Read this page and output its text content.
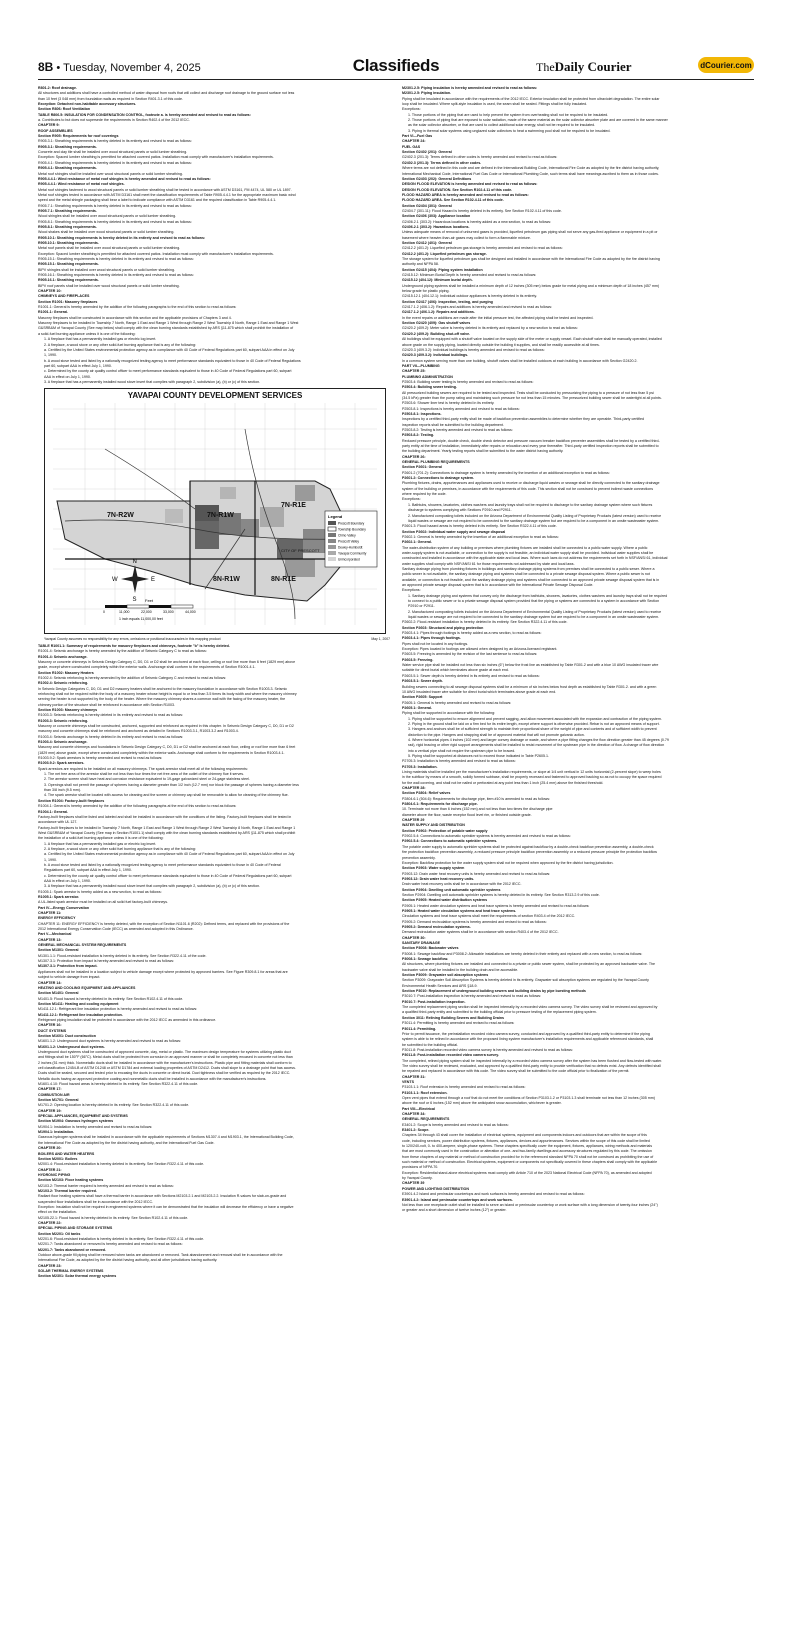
8B • Tuesday, November 4, 2025	Classifieds	TheDaily Courier	dCourier.com

R801.2: Roof drainage.

All structures and additions shall have a controlled method of water disposal from roofs that will collect and discharge roof drainage to the ground surface not less

than 10 feet (3 048 mm) from foundation walls as required in Section R401.3.1 of this code.

Exception: Detached non-habitable accessory structures.

Section R806: Roof Ventilation

TABLE R806.5: INSULATION FOR CONDENSATION CONTROL, footnote a. is hereby amended and revised to read as follows:

a. Contributes to but does not supersede the requirements in Section R402.4 of the 2012 IECC.

CHAPTER 9:

ROOF ASSEMBLIES

Section R905: Requirements for roof coverings

R905.3.1: Sheathing requirements is hereby deleted in its entirety and revised to read as follows:

R905.3.1: Sheathing requirements.

Concrete and clay tile shall be installed over wood structural panels or solid lumber sheathing.

Exception: Spaced lumber sheathing is permitted for attached covered patios. Installation must comply with manufacturer's installation requirements.

R905.4.1: Sheathing requirements is hereby deleted in its entirety and revised to read as follows:

R905.4.1: Sheathing requirements.

Metal roof shingles shall be installed over wood structural panels or solid lumber sheathing.

R905.4.4.1: Wind resistance of metal roof shingles is hereby amended and revised to read as follows:

R905.4.4.1: Wind resistance of metal roof shingles.

Metal roof shingles fastened to wood structural panels or solid lumber sheathing shall be tested in accordance with ASTM D3161, FM 4474, UL 580 or UL 1897.

Metal roof shingles tested in accordance with ASTM D3161 shall meet the classification requirements of Table R905.4.4.1 for the appropriate maximum basic wind

speed and the metal shingle packaging shall bear a label to indicate compliance with ASTM D3161 and the required classification in Table R905.4.4.1.

R905.7.1: Sheathing requirements is hereby deleted in its entirety and revised to read as follows:

R905.7.1: Sheathing requirements.

Wood shingles shall be installed over wood structural panels or solid lumber sheathing.

R905.8.1: Sheathing requirements is hereby deleted in its entirety and revised to read as follows:

R905.8.1: Sheathing requirements.

Wood shakes shall be installed over wood structural panels or solid lumber sheathing.

R905.10.1: Sheathing requirements is hereby deleted in its entirety and revised to read as follows:

R905.10.1: Sheathing requirements.

Metal roof panels shall be installed over wood structural panels or solid lumber sheathing.

Exception: Spaced lumber sheathing is permitted for attached covered patios. Installation must comply with manufacturer's installation requirements.

R905.15.1: Sheathing requirements is hereby deleted in its entirety and revised to read as follows:

R905.15.1: Sheathing requirements.

BIPV shingles shall be installed over wood structural panels or solid lumber sheathing.

R905.16.1: Sheathing requirements is hereby deleted in its entirety and revised to read as follows:

R905.16.1: Sheathing requirements.

BIPV roof panels shall be installed over wood structural panels or solid lumber sheathing.

CHAPTER 10:

CHIMNEYS AND FIREPLACES

Section R1001: Masonry fireplaces

R1001.1: General is hereby amended by the addition of the following paragraphs to the end of this section to read as follows:

R1001.1: General.

Masonry fireplaces shall be constructed in accordance with this section and the applicable provisions of Chapters 3 and 4.

Masonry fireplaces to be installed in Township 7 North, Range 1 East and Range 1 West through Range 2 West Township 8 North, Range 1 East and Range 1 West

G&SRB&M of Yavapai County (See map below) shall comply with the clean burning standards established by ARS §11-875 which shall prohibit the installation of

a solid-fuel burning appliance unless it is one of the following:

1. A fireplace that has a permanently installed gas or electric log insert.

2. A fireplace, a wood stove or any other solid-fuel burning appliance that is any of the following:

a. Certified by the United States environmental protection agency as in compliance with 40 Code of Federal Regulations part 60, subpart AAA in effect on July

1, 1990.

b. A wood stove tested and listed by a nationally recognized testing agency to meet performance standards equivalent to those in 40 Code of Federal Regulations

part 60, subpart AAA in effect July 1, 1990.

c. Determined by the county air quality control officer to meet performance standards equivalent to those in 40 Code of Federal Regulations part 60, subpart

AAA in effect on July 1, 1990.

3. A fireplace that has a permanently installed wood stove insert that complies with paragraph 2, subdivision (a), (b) or (c) of this section.

YAVAPAI COUNTY DEVELOPMENT SERVICES
7N-R2W	7N-R1W
7N-R1E
8N-R1W	8N-R1E
CITY OF PRESCOTT
N
S
E
W
Feet
0	11,000	22,000	33,000	44,000
1 inch equals 11,000,00 feet
Legend
Prescott Boundary
Township Boundary
Chino Valley
Prescott Valley
Dewey-Humboldt
Yavapai Community
Unincorporated
Yavapai County assumes no responsibility for any errors, omissions or positional inaccuracies in this mapping product	May 1, 2007

TABLE R1001.1: Summary of requirements for masonry fireplaces and chimneys, footnote "b" is hereby deleted.

R1001.4: Seismic anchorage is hereby amended by the addition of Seismic Category C to read as follows:

R1001.4: Seismic anchorage.

Masonry or concrete chimneys in Seismic Design Category C, D0, D1 or D2 shall be anchored at each floor, ceiling or roof line more than 6 feet (1829 mm) above

grade, except where constructed completely within the exterior walls. Anchorage shall conform to the requirements of Section R1001.4.1.

Section R1002: Masonry Heaters

R1002.4: Seismic reinforcing is hereby amended by the addition of Seismic Category C and revised to read as follows:

R1002.4: Seismic reinforcing.

In Seismic Design Categories C, D0, D1 and D2 masonry heaters shall be anchored to the masonry foundation in accordance with Section R1003.3. Seismic

reinforcing shall not be required within the body of a masonry heater whose height is equal to or less than 3.5 times its body width and where the masonry chimney

serving the heater is not supported by the body of the heater. Where the masonry chimney shares a common wall with the facing of the masonry heater, the

chimney portion of the structure shall be reinforced in accordance with Section R1003.

Section R1003: Masonry chimneys

R1003.3: Seismic reinforcing is hereby deleted in its entirety and revised to read as follows:

R1003.3: Seismic reinforcing.

Masonry or concrete chimneys shall be constructed, anchored, supported and reinforced as required in this chapter. In Seismic Design Category C, D0, D1 or D2

masonry and concrete chimneys shall be reinforced and anchored as detailed in Sections R1003.3.1, R1003.3.2 and R1003.4.

R1003.4: Seismic anchorage is hereby deleted in its entirety and revised to read as follows:

R1003.4: Seismic anchorage.

Masonry and concrete chimneys and foundations in Seismic Design Category C, D0, D1 or D2 shall be anchored at each floor, ceiling or roof line more than 6 feet

(1829 mm) above grade, except where constructed completely within the exterior walls. Anchorage shall conform to the requirements in Section R1003.4.1.

R1003.9.2: Spark arrestors is hereby amended and revised to read as follows:

R1003.9.2: Spark arrestors.

Spark arrestors are required to be installed on all masonry chimneys. The spark arrestor shall meet all of the following requirements:

1. The net free area of the arrestor shall be not less than four times the net free area of the outlet of the chimney flue it serves.

2. The arrestor screen shall have heat and corrosion resistance equivalent to 19-gage galvanized steel or 24-gage stainless steel.

3. Openings shall not permit the passage of spheres having a diameter greater than 1/2 inch (12.7 mm) nor block the passage of spheres having a diameter less

than 3/8 inch (9.5 mm).

4. The spark arrestor shall be located with access for cleaning and the screen or chimney cap shall be removable to allow for cleaning of the chimney flue.

Section R1004: Factory-built fireplaces

R1004.1: General is hereby amended by the addition of the following paragraphs at the end of this section to read as follows:

R1004.1: General.

Factory-built fireplaces shall be listed and labeled and shall be installed in accordance with the conditions of the listing. Factory-built fireplaces shall be tested in

accordance with UL 127.

Factory-built fireplaces to be installed in Township 7 North, Range 1 East and Range 1 West through Range 2 West Township 8 North, Range 1 East and Range 1

West G&SRB&M of Yavapai County (See map in Section R1001.1) shall comply with the clean burning standards established by ARS §11-875 which shall prohibit

the installation of a solid-fuel burning appliance unless it is one of the following:

1. A fireplace that has a permanently installed gas or electric log insert.

2. A fireplace, a wood stove or any other solid fuel burning appliance that is any of the following:

a. Certified by the United States environmental protection agency as in compliance with 40 Code of Federal Regulations part 60, subpart AAA in effect on July

1, 1990.

b. A wood stove tested and listed by a nationally recognized testing agency to meet performance standards equivalent to those in 40 Code of Federal

Regulations part 60, subpart AAA in effect July 1, 1990.

c. Determined by the county air quality control officer to meet performance standards equivalent to those in 40 Code of Federal Regulations part 60, subpart

AAA in effect on July 1, 1990.

3. A fireplace that has a permanently installed wood stove insert that complies with paragraph 2, subdivision (a), (b) or (c) of this section.

R1005.1: Spark arrestor is hereby added as a new section, to read as follows:

R1005.1: Spark arrestor.

A UL-listed spark arrestor must be installed on all solid fuel factory-built chimneys.

Part IV—Energy Conservation

CHAPTER 11:

ENERGY EFFICIENCY

CHAPTER 11: ENERGY EFFICIENCY is hereby deleted, with the exception of Section N1101.6 (R202): Defined terms, and replaced with the provisions of the

2012 International Energy Conservation Code (IECC) as amended and adopted in this Ordinance.

Part V—Mechanical

CHAPTER 13:

GENERAL MECHANICAL SYSTEM REQUIREMENTS

Section M1301: General

M1301.1.1: Flood-resistant installation is hereby deleted in its entirety. See Section R322.4.11 of the code.

M1307.3.1: Protection from impact is hereby amended and revised to read as follows:

M1307.3.1: Protection from impact.

Appliances shall not be installed in a location subject to vehicle damage except where protected by approved barriers. See Figure R309.8.1 for areas that are

subject to vehicle damage from impact.

CHAPTER 14:

HEATING AND COOLING EQUIPMENT AND APPLIANCES

Section M1401: General

M1401.5: Flood hazard is hereby deleted in its entirety. See Section R102.4.11 of this code.

Section M1411: Heating and cooling equipment

M1411.12.1: Refrigerant line insulation protection is hereby amended and revised to read as follows:

M1411.12.1: Refrigerant line insulation protection.

Refrigerant piping insulation shall be protected in accordance with the 2012 IECC as amended in this ordinance.

CHAPTER 16:

DUCT SYSTEMS

Section M1601: Duct construction

M1601.1.2: Underground duct systems is hereby amended and revised to read as follows:

M1601.1.2: Underground duct systems.

Underground duct systems shall be constructed of approved concrete, clay, metal or plastic. The maximum design temperature for systems utilizing plastic duct

and fittings shall be 150°F (66°C). Metal ducts shall be protected from corrosion in an approved manner or shall be completely encased in concrete not less than

2 inches (51 mm) thick. Nonmetallic ducts shall be installed in accordance with the manufacturer's instructions. Plastic pipe and fitting materials shall conform to

cell classification 12454-B of ASTM D1248 or ASTM D1784 and external loading properties of ASTM D2412. Ducts shall slope to a drainage point that has access.

Ducts shall be sealed, secured and tested prior to encasing the ducts in concrete or direct burial. Duct tightness shall be verified as required by the 2012 IECC.

Metallic ducts having an approved protective coating and nonmetallic ducts shall be installed in accordance with the manufacturer's instructions.

M1601.4.10: Flood hazard areas is hereby deleted in its entirety. See Section R322.4.11 of this code.

CHAPTER 17:

COMBUSTION AIR

Section M1701: General

M1701.2: Opening location is hereby deleted in its entirety. See Section R322.4.11 of this code.

CHAPTER 19:

SPECIAL APPLIANCES, EQUIPMENT AND SYSTEMS

Section M1904: Gaseous hydrogen systems

M1904.1: Installation is hereby amended and revised to read as follows:

M1904.1: Installation.

Gaseous hydrogen systems shall be installed in accordance with the applicable requirements of Sections M1307.4 and M1903.1, the International Building Code,

the International Fire Code as adopted by the fire district having authority, and the International Fuel Gas Code.

CHAPTER 20:

BOILERS AND WATER HEATERS

Section M2001: Boilers

M2001.4: Flood-resistant installation is hereby deleted in its entirety. See Section R322.4.11 of this code.

CHAPTER 21:

HYDRONIC PIPING

Section M2103: Floor heating systems

M2103.2: Thermal barrier required is hereby amended and revised to read as follows:

M2103.2: Thermal barrier required.

Radiant floor heating systems shall have a thermal barrier in accordance with Sections M2103.2.1 and M2103.2.2. Insulation R-values for slab-on-grade and

suspended floor installations shall be in accordance with the 2012 IECC.

Exception: Insulation shall not be required in engineered systems where it can be demonstrated that the insulation will decrease the efficiency or have a negative

effect on the installation.

M2105.22.1: Flood hazard is hereby deleted in its entirety. See Section R102.4.11 of this code.

CHAPTER 22:

SPECIAL PIPING AND STORAGE SYSTEMS

Section M2201: Oil tanks

M2201.6: Flood-resistant installation is hereby deleted in its entirety. See Section R322.4.11 of this code.

M2201.7: Tanks abandoned or removed is hereby amended and revised to read as follows:

M2201.7: Tanks abandoned or removed.

Outdoor above-grade fill piping shall be removed when tanks are abandoned or removed. Tank abandonment and removal shall be in accordance with the

International Fire Code, as adopted by the fire district having authority, and all other jurisdictions having authority.

CHAPTER 23:

SOLAR THERMAL ENERGY SYSTEMS

Section M2301: Solar thermal energy systems

M2301.2.5: Piping insulation is hereby amended and revised to read as follows:

M2301.2.5: Piping insulation.

Piping shall be insulated in accordance with the requirements of the 2012 IECC. Exterior insulation shall be protected from ultraviolet degradation. The entire solar

loop shall be insulated. Where split-style insulation is used, the seam shall be sealed. Fittings shall be fully insulated.

Exceptions:

1. Those portions of the piping that are used to help prevent the system from overheating shall not be required to be insulated.

2. Those portions of piping that are exposed to solar radiation, made of the same material as the solar collector absorber plate and are covered in the same manner

as the solar collector absorber, or that are used to collect additional solar energy, shall not be required to be insulated.

3. Piping in thermal solar systems using unglazed solar collectors to heat a swimming pool shall not be required to be insulated.

Part VI—Fuel Gas

CHAPTER 24:

FUEL GAS

Section G2402 (201): General

G2402.3 (201.3): Terms defined in other codes is hereby amended and revised to read as follows:

G2402.3 (201.3): Terms defined in other codes.

Where terms are not defined in this code and are defined in the International Building Code, International Fire Code as adopted by the fire district having authority,

International Mechanical Code, International Fuel Gas Code or International Plumbing Code, such terms shall have meanings ascribed to them as in those codes.

Section G2403 (202): General Definitions

DESIGN FLOOD ELEVATION is hereby amended and revised to read as follows:

DESIGN FLOOD ELEVATION. See Section R102.4.11 of this code.

FLOOD HAZARD AREA is hereby amended and revised to read as follows:

FLOOD HAZARD AREA. See Section R102.4.11 of this code.

Section G2404 (301): General

G2404.7 (301.11): Flood Hazard is hereby deleted in its entirety. See Section R102.4.11 of this code.

Section G2406 (303): Appliance location

G2406.2.1 (303.2): Hazardous locations is hereby added as a new section, to read as follows:

G2406.2.1 (303.2): Hazardous locations.

Unless adequate means of removal of unburned gases is provided, liquefied petroleum gas piping shall not serve any gas-fired appliance or equipment in a pit or

basement where heavier-than-air gases may collect to form a flammable mixture.

Section G2412 (401): General

G2412.2 (401.2): Liquefied petroleum gas storage is hereby amended and revised to read as follows:

G2412.2 (401.2): Liquefied petroleum gas storage.

The storage system for liquefied petroleum gas shall be designed and installed in accordance with the International Fire Code as adopted by the fire district having

authority and NFPA 58.

Section G2415 (404): Piping system installation

G2415.12: Minimum Burial Depth is hereby amended and revised to read as follows:

G2415.12 (404.12): Minimum burial depth.

Underground piping systems shall be installed a minimum depth of 12 inches (305 mm) below grade for metal piping and a minimum depth of 18 inches (457 mm)

below grade for plastic piping.

G2415.12.1 (404.12.1): Individual outdoor appliances is hereby deleted in its entirety.

Section G2417 (406): Inspection, testing, and purging

G2417.1.2 (406.1.2): Repairs and additions is hereby amended and revised to read as follows:

G2417.1.2 (406.1.2): Repairs and additions.

In the event repairs or additions are made after the initial pressure test, the affected piping shall be tested and inspected.

Section G2420 (409): Gas shutoff valves

G2420.2 (409.2): Meter valve is hereby deleted in its entirety and replaced by a new section to read as follows:

G2420.2 (409.2): Building shut-off valve.

All buildings shall be equipped with a shutoff valve located on the supply side of the meter or supply vessel. Each shutoff valve shall be manually operated, installed

above grade on the supply piping, located directly outside the building it supplies, and shall be readily accessible at all times.

G2420.3 (409.3.2): Individual buildings is hereby amended and revised to read as follows:

G2420.3 (409.3.2): Individual buildings.

In a common system serving more than one building, shutoff valves shall be installed outdoors at each building in accordance with Section G2420.2.

PART VII—PLUMBING

CHAPTER 25:

PLUMBING ADMINISTRATION

P2503.4: Building sewer testing is hereby amended and revised to read as follows:

P2503.4: Building sewer testing.

All pressurized building sewers are required to be tested and inspected. Tests shall be conducted by pressurizing the piping to a pressure of not less than 5 psi

(34.5 kPa) greater than the pump rating and maintaining such pressure for not less than 15 minutes. The pressurized building sewer shall be watertight at all points.

P2503.6: Shower liner test is hereby deleted in its entirety.

P2503.8.1: Inspections is hereby amended and revised to read as follows:

P2503.8.1: Inspections.

Inspections by a certified third-party entity shall be made of backflow prevention assemblies to determine whether they are operable. Third-party certified

inspection reports shall be submitted to the building department.

P2503.8.2: Testing is hereby amended and revised to read as follows:

P2503.8.2: Testing.

Reduced pressure principle, double check, double check detector and pressure vacuum breaker backflow preventer assemblies shall be tested by a certified third-

party entity at the time of installation, immediately after repairs or relocation and every year thereafter. Third-party certified inspection reports shall be submitted to

the building department. Yearly testing reports shall be submitted to the water district having authority.

CHAPTER 26:

GENERAL PLUMBING REQUIREMENTS

Section P2601: General

P2601.2 (701.2): Connections to drainage system is hereby amended by the insertion of an additional exception to read as follows:

P2601.2: Connections to drainage system.

Plumbing fixtures, drains, appurtenances and appliances used to receive or discharge liquid wastes or sewage shall be directly connected to the sanitary drainage

system of the building or premises, in accordance with the requirements of this code. This section shall not be construed to prevent indirect waste connections

where required by the code.

Exceptions:

1. Bathtubs, showers, lavatories, clothes washers and laundry trays shall not be required to discharge to the sanitary drainage system where such fixtures

discharge to systems complying with Sections P2910 and P2911.

2. Manufactured composting toilets included on the Arizona Department of Environmental Quality Listing of Proprietary Products (latest version) used to receive

liquid wastes or sewage are not required to be connected to the sanitary drainage system but are required to be a component in an onsite wastewater system.

P2601.3: Flood hazard areas is hereby deleted in its entirety. See Section R322.4.11 of this code.

Section P2602: Individual water supply and sewage disposal

P2602.1: General is hereby amended by the insertion of an additional exception to read as follows:

P2602.1: General.

The water-distribution system of any building or premises where plumbing fixtures are installed shall be connected to a public water supply. Where a public

water-supply system is not available, or connection to the supply is not feasible, an individual water supply shall be provided. Individual water supplies shall be

constructed and installed in accordance with the applicable state and local laws. Where such laws do not address the requirements set forth in NSF/ANSI 61, individual

water supplies shall comply with NSF/ANSI 61 for those requirements not addressed by state and local laws.

Sanitary drainage piping from plumbing fixtures in buildings and sanitary drainage piping systems from premises shall be connected to a public sewer. Where a

public sewer is not available, the sanitary drainage piping and systems shall be connected to a private sewage disposal system. Where a public sewer is not

available, or connection is not feasible, and the sanitary drainage piping and systems shall be connected to an approved private sewage disposal system that is in

an approved private sewage disposal system that is in accordance with the International Private Sewage Disposal Code.

Exceptions:

1. Sanitary drainage piping and systems that convey only the discharge from bathtubs, showers, lavatories, clothes washers and laundry trays shall not be required

to connect to a public sewer or to a private sewage disposal system provided that the piping or systems are connected to a system in accordance with Section

P2910 or P2911.

2. Manufactured composting toilets included on the Arizona Department of Environmental Quality Listing of Proprietary Products (latest version) used to receive

liquid wastes or sewage are not required to be connected to the sanitary drainage system but are required to be a component in an onsite wastewater system.

P2602.2: Flood-resistant installation is hereby deleted in its entirety. See Section R322.4.11 of this code.

Section P2603: Structural and piping protection

P2603.4.1: Pipes through footings is hereby added as a new section, to read as follows:

P2603.4.1: Pipes through footings.

Pipes shall not be located in any footings.

Exception: Pipes located in footings are allowed when designed by an Arizona-licensed registrant.

P2603.5: Freezing is amended by the revision of the last sentence to read as follows:

P2603.5: Freezing.

Water service pipe shall be installed not less than six inches (6") below the frost line as established by Table R301.2 and with a blue 10 AWG insulated tracer wire

suitable for direct burial which terminates above grade at each end.

P2603.5.1: Sewer depth is hereby deleted in its entirety and revised to read as follows:

P2603.5.1: Sewer depth.

Building sewers connecting to all sewage disposal systems shall be a minimum of six inches below frost depth as established by Table R301.2. and with a green

10 AWG insulated tracer wire suitable for direct burial which terminates above grade at each end.

Section P2605: Support

P2605.1: General is hereby amended and revised to read as follows:

P2605.1: General.

Piping shall be supported in accordance with the following:

1. Piping shall be supported to ensure alignment and prevent sagging, and allow movement associated with the expansion and contraction of the piping system.

2. Piping in the ground shall be laid on a firm bed for its entire length, except where support is otherwise provided. Rebar is not an approved means of support.

3. Hangers and anchors shall be of sufficient strength to maintain their proportional share of the weight of pipe and contents and of sufficient width to prevent

distortion to the pipe. Hangers and strapping shall be of approved material that will not promote galvanic action.

4. Where horizontal pipes 4 inches (102 mm) and larger convey drainage or waste, and where a pipe fitting changes the flow direction greater than 45 degrees (0.79

rad), rigid bracing or other rigid support arrangements shall be installed to resist movement of the upstream pipe in the direction of flow. A change of flow direction

into a vertical pipe shall not require the upstream pipe to be braced.

5. Piping shall be supported at distances not to exceed those indicated in Table P2605.1.

P2705.3: Installation is hereby amended and revised to read as follows:

P2705.3: Installation.

Lining materials shall be installed per the manufacturer's installation requirements, or slope at 1/4 unit vertical in 12 units horizontal (2-percent slope) to weep holes

in the subfloor by means of a smooth, solidly formed subbase, shall be properly recessed and fastened to approved backing so as not to occupy the space required

for the wall covering, and shall not be nailed or perforated at any point less than 1 inch (25.4 mm) above the finished threshold.

CHAPTER 28:

Section P2804: Relief valves

P2804.6.1 (504.6): Requirements for discharge pipe, item #10 is amended to read as follows:

P2804.6.1: Requirements for discharge pipe.

10. Terminate not more than 6 inches (152 mm) and not less than two times the discharge pipe

diameter above the floor, waste receptor flood level rim, or finished outside grade.

CHAPTER 29

WATER SUPPLY AND DISTRIBUTION

Section P2902: Protection of potable water supply

P2902.5.4: Connections to automatic sprinkler systems is hereby amended and revised to read as follows:

P2902.5.4: Connections to automatic sprinkler systems.

The potable water supply to automatic sprinkler systems shall be protected against backflow by a double-check backflow prevention assembly, a double-check

fire protection backflow prevention assembly, a reduced pressure principle backflow prevention assembly or a reduced pressure principle fire protection backflow

prevention assembly.

Exception: Backflow protection for the water supply system shall not be required when approved by the fire district having jurisdiction.

Section P2903: Water supply system

P2903.12: Drain water heat recovery units is hereby amended and revised to read as follows:

P2903.12: Drain water heat recovery units.

Drain water heat recovery units shall be in accordance with the 2012 IECC.

Section P2904: Dwelling unit automatic sprinkler systems

Section P2904: Dwelling unit automatic sprinkler systems is hereby deleted in its entirety. See Section R313.2.9 of this code.

Section P2905: Heated water distribution systems

P2905.1: Heated water circulation systems and heat trace systems is hereby amended and revised to read as follows:

P2905.1: Heated water circulation systems and heat trace systems.

Circulation systems and heat trace systems shall meet the requirements of section R403.4 of the 2012 IECC.

P2905.2: Demand recirculation systems is hereby amended and revised to read as follows:

P2905.2: Demand recirculation systems.

Demand recirculation water systems shall be in accordance with section R403.4 of the 2012 IECC.

CHAPTER 30:

SANITARY DRAINAGE

Section P3008: Backwater valves

P3008.1: Sewage backflow and P3008.2: Allowable installations are hereby deleted in their entirety and replaced with a new section, to read as follows:

P3008.1: Sewage backflow.

All structures, where plumbing fixtures are installed and connected to a private or public sewer system, shall be protected by an approved backwater valve. The

backwater valve shall be installed in the building drain and be accessible.

Section P3009: Graywater soil absorption systems

Section P3009: Graywater Soil Absorption Systems is hereby deleted in its entirety. Graywater soil absorption systems are regulated by the Yavapai County

Environmental Health Services and ARS §18-9.

Section P3010: Replacement of underground building sewers and building drains by pipe bursting methods

P3010.7: Post-installation inspection is hereby amended and revised to read as follows:

P3010.7: Post-installation inspection.

The completed replacement piping section shall be inspected internally by a recorded video camera survey. The video survey shall be reviewed and approved by

a qualified third-party entity and submitted to the building official prior to pressure testing of the replacement piping system.

Section 3011: Relining Building Sewers and Building Drains

P3011.4: Permitting is hereby amended and revised to read as follows:

P3011.4: Permitting.

Prior to permit issuance, the preinstallation recorded video camera survey, conducted and approved by a qualified third-party entity to determine if the piping

system is able to be relined in accordance with the proposed lining system manufacturer's installation requirements and applicable referenced standards, shall

be submitted to the building official.

P3011.8: Post-installation recorded video camera survey is hereby amended and revised to read as follows:

P3011.8: Post-installation recorded video camera survey.

The completed, relined piping system shall be inspected internally by a recorded video camera survey after the system has been flushed and flow-tested with water.

The video survey shall be reviewed, evaluated, and approved by a qualified third-party entity to provide verification that no defects exist. Any defects identified shall

be repaired and replaced in accordance with this code. The video survey shall be submitted to the code official prior to finalization of the permit.

CHAPTER 31:

VENTS

P3103.1.1: Roof extension is hereby amended and revised to read as follows:

P3103.1.1: Roof extension.

Open vent pipes that extend through a roof that do not meet the conditions of Section P3103.1.2 or P3103.1.3 shall terminate not less than 12 inches (305 mm)

above the roof or 6 inches (152 mm) above the anticipated snow accumulation, whichever is greater.

Part VIII—Electrical

CHAPTER 34:

GENERAL REQUIREMENTS

E3401.2: Scope is hereby amended and revised to read as follows:

E3401.2: Scope.

Chapters 34 through 43 shall cover the installation of electrical systems, equipment and components indoors and outdoors that are within the scope of this

code, including services, power distribution systems, fixtures, appliances, devices and appurtenances. Services within the scope of this code shall be limited

to 120/240-volt, 0- to 400-ampere, single-phase systems. These chapters specifically cover the equipment, fixtures, appliances, wiring methods and materials

that are most commonly used in the construction or alteration of one- and two-family dwellings and accessory structures regulated by this code. The omission

from these chapters of any material or method of construction provided for in the referenced standard NFPA 70 shall not be construed as prohibiting the use of

such material or method of construction. Electrical systems, equipment or components not specifically covered in these chapters shall comply with the applicable

provisions of NFPA 70.

Exception: Residential stand-alone electrical systems must comply with Article 710 of the 2023 National Electrical Code (NFPA 70), as amended and adopted

by Yavapai County.

CHAPTER 39

POWER AND LIGHTING DISTRIBUTION

E3901.4.2 Island and peninsular countertops and work surfaces is hereby amended and revised to read as follows:

E3901.4.2: Island and peninsular countertops and work surfaces.

Not less than one receptacle outlet shall be installed to serve an island or peninsular countertop or work surface with a long dimension of twenty-four inches (24")

or greater and a short dimension of twelve inches (12") or greater.
